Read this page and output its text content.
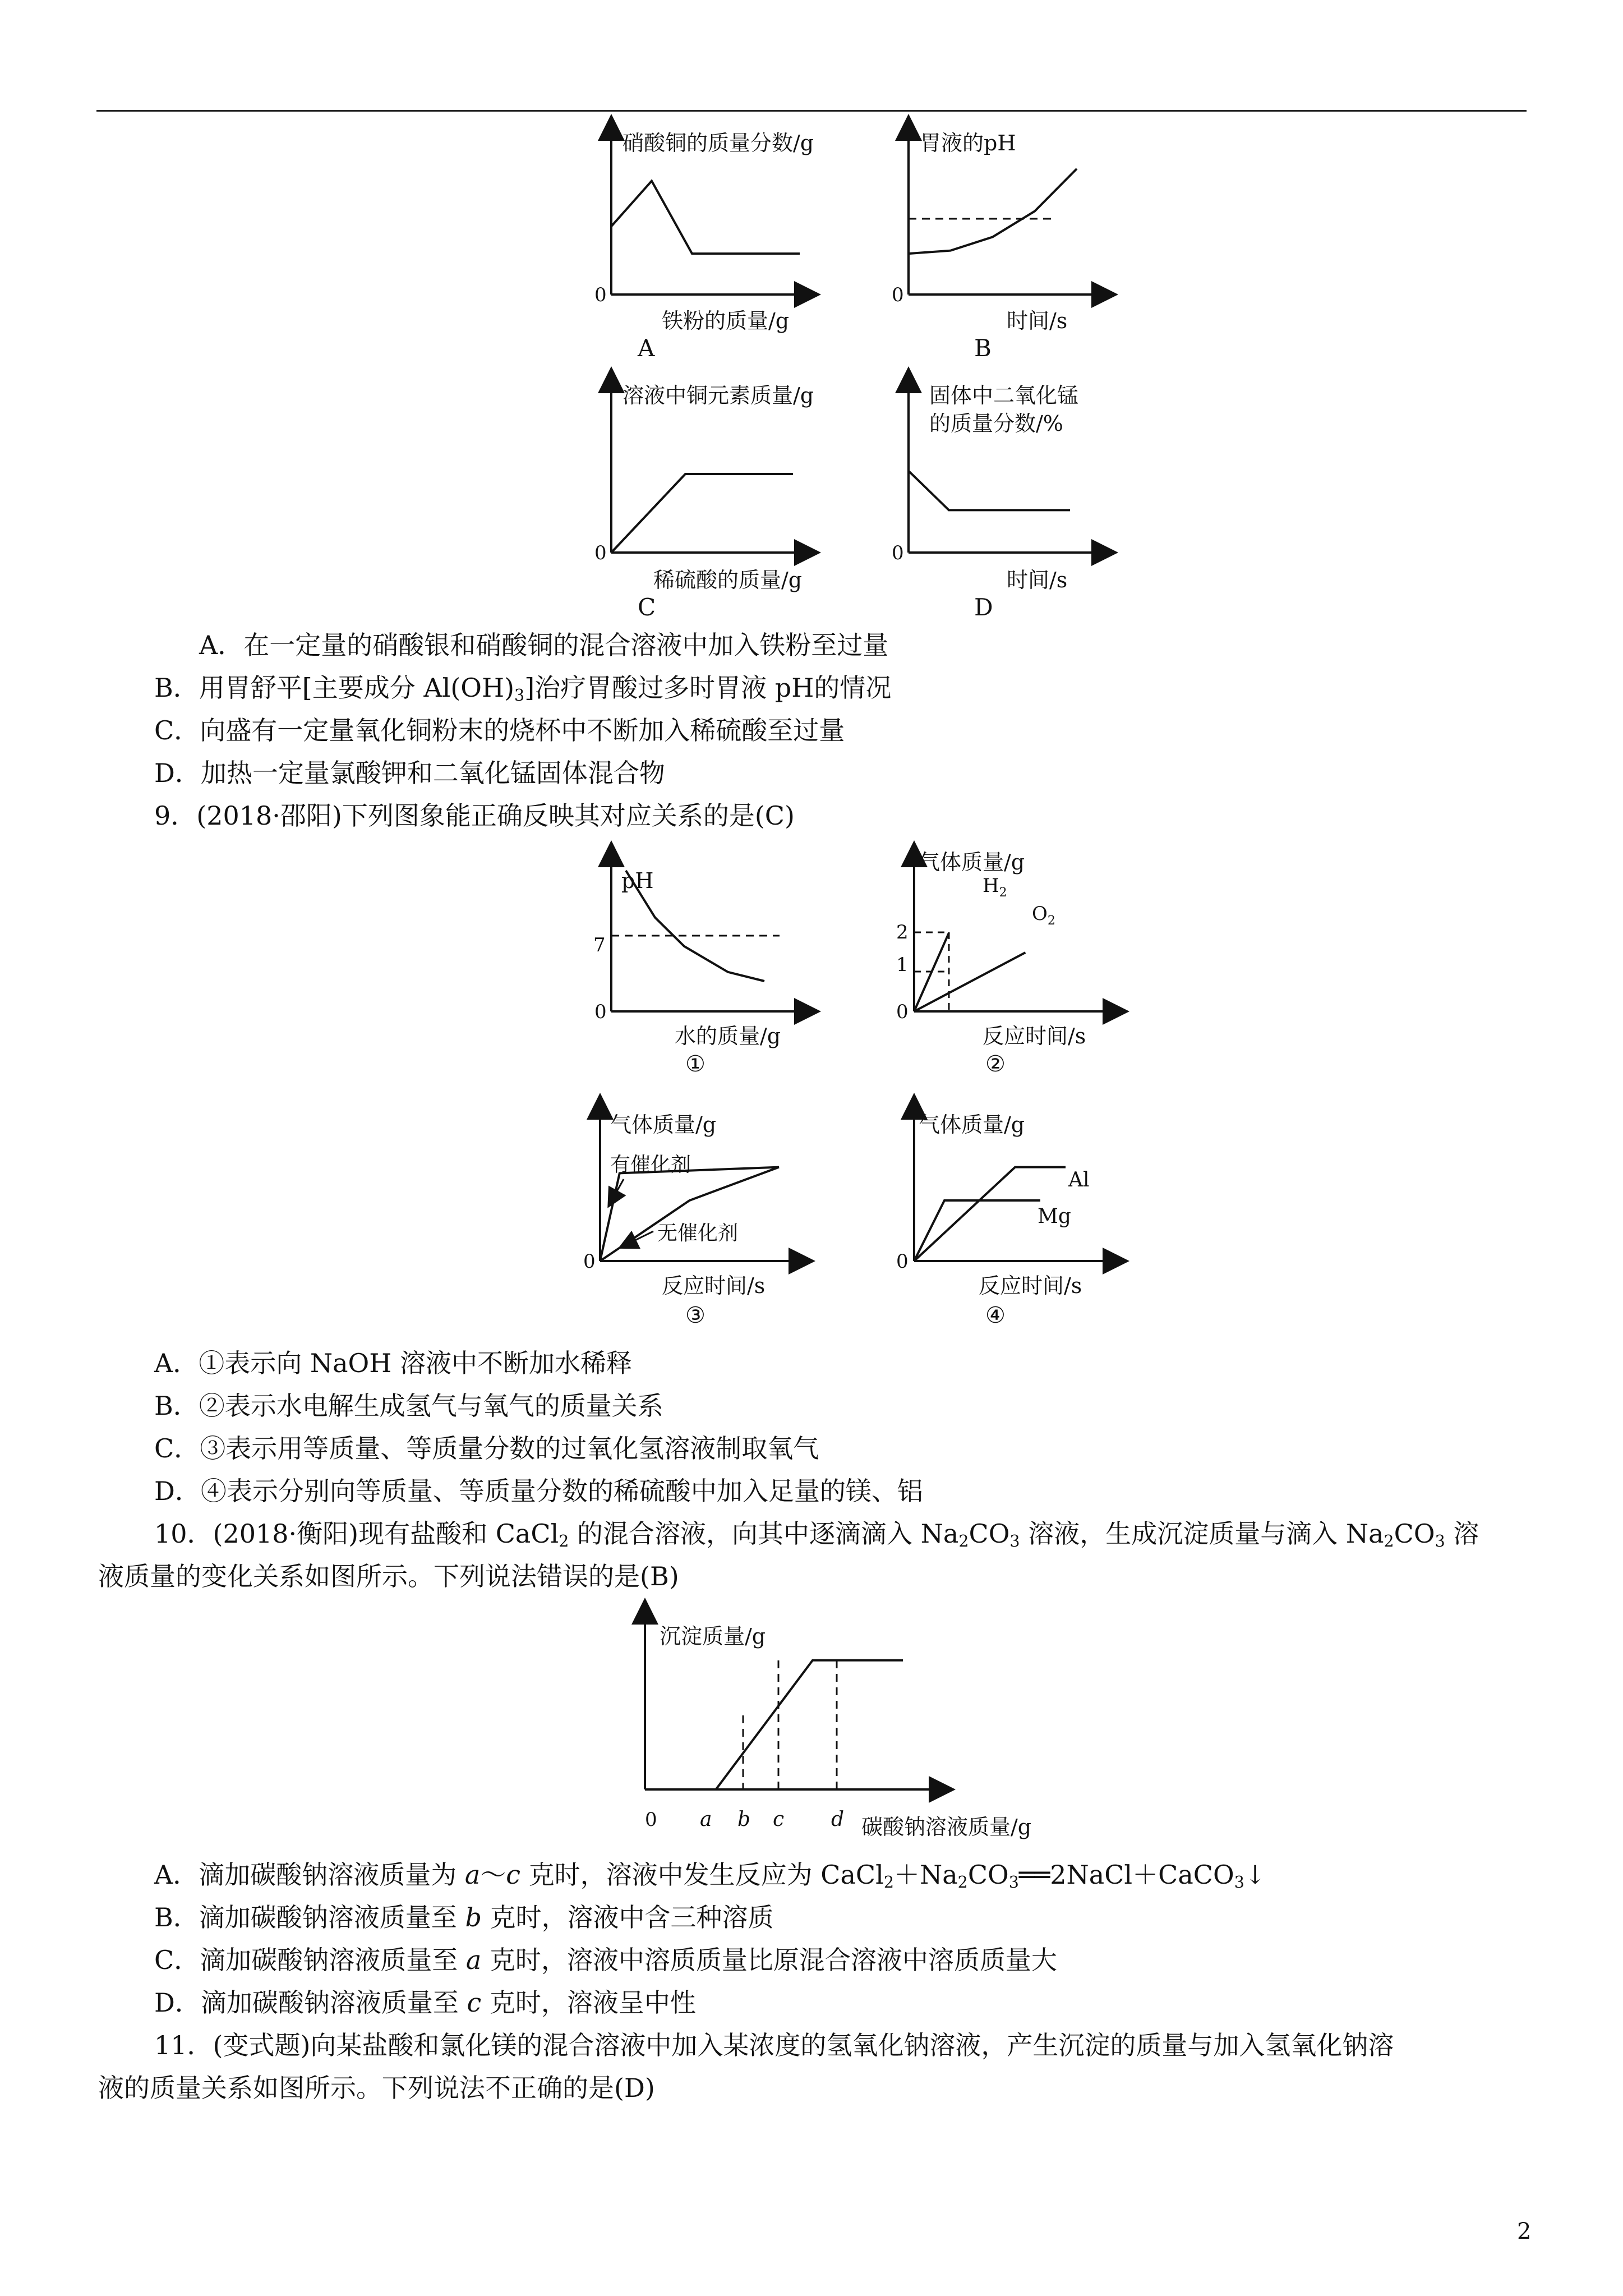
硝酸铜的质量分数/g
0
铁粉的质量/g
A
胃液的pH
0
时间/s
B
溶液中铜元素质量/g
0
稀硫酸的质量/g
C
固体中二氧化锰
的质量分数/%
0
时间/s
D
A．在一定量的硝酸银和硝酸铜的混合溶液中加入铁粉至过量
B．用胃舒平[主要成分 $Al(OH)_3$]治疗胃酸过多时胃液 pH的情况
C．向盛有一定量氧化铜粉末的烧杯中不断加入稀硫酸至过量
D．加热一定量氯酸钾和二氧化锰固体混合物
9．(2018·邵阳)下列图象能正确反映其对应关系的是(C)
pH
7
0
水的质量/g
①
气体质量/g
2
1
0
$H_2$
$O_2$
反应时间/s
②
气体质量/g
0
有催化剂
无催化剂
反应时间/s
③
气体质量/g
0
Al
Mg
反应时间/s
④
A．①表示向 NaOH 溶液中不断加水稀释
B．②表示水电解生成氢气与氧气的质量关系
C．③表示用等质量、等质量分数的过氧化氢溶液制取氧气
D．④表示分别向等质量、等质量分数的稀硫酸中加入足量的镁、铝
10．(2018·衡阳)现有盐酸和 CaCl$_2$ 的混合溶液，向其中逐滴滴入 $Na_2CO_3$ 溶液，生成沉淀质量与滴入 $Na_2CO_3$ 溶
液质量的变化关系如图所示。下列说法错误的是(B)
沉淀质量/g
0 a b c d 碳酸钠溶液质量/g
A．滴加碳酸钠溶液质量为 a～c 克时，溶液中发生反应为 $CaCl_2+Na_2CO_3══2NaCl+CaCO_3↓$
B．滴加碳酸钠溶液质量至 b 克时，溶液中含三种溶质
C．滴加碳酸钠溶液质量至 a 克时，溶液中溶质质量比原混合溶液中溶质质量大
D．滴加碳酸钠溶液质量至 c 克时，溶液呈中性
11．(变式题)向某盐酸和氯化镁的混合溶液中加入某浓度的氢氧化钠溶液，产生沉淀的质量与加入氢氧化钠溶
液的质量关系如图所示。下列说法不正确的是(D)
2
